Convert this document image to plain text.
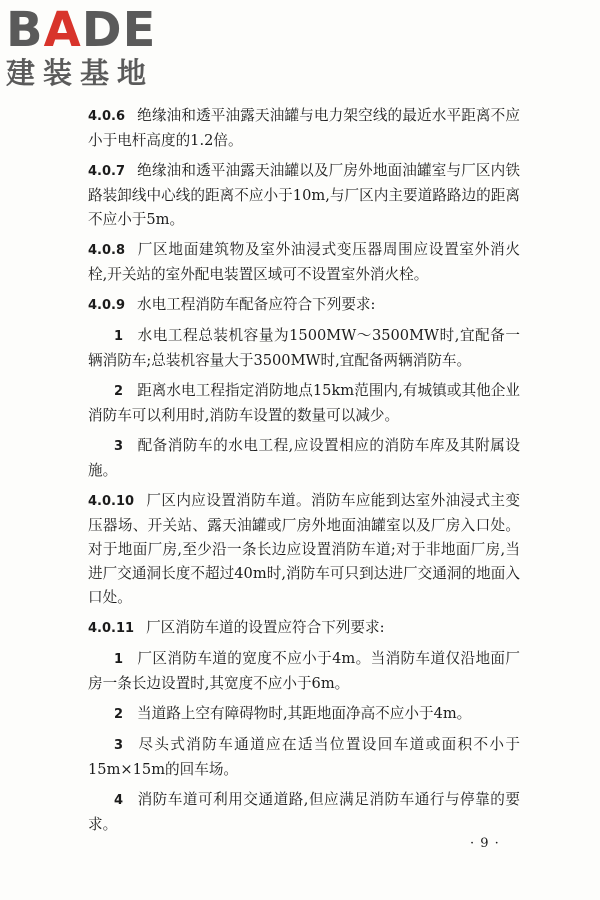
BADE
建装基地

4.0.6 绝缘油和透平油露天油罐与电力架空线的最近水平距离不应小于电杆高度的1.2倍。

4.0.7 绝缘油和透平油露天油罐以及厂房外地面油罐室与厂区内铁路装卸线中心线的距离不应小于10m,与厂区内主要道路路边的距离不应小于5m。

4.0.8 厂区地面建筑物及室外油浸式变压器周围应设置室外消火栓,开关站的室外配电装置区域可不设置室外消火栓。

4.0.9 水电工程消防车配备应符合下列要求:

1 水电工程总装机容量为1500MW～3500MW时,宜配备一辆消防车;总装机容量大于3500MW时,宜配备两辆消防车。

2 距离水电工程指定消防地点15km范围内,有城镇或其他企业消防车可以利用时,消防车设置的数量可以减少。

3 配备消防车的水电工程,应设置相应的消防车库及其附属设施。

4.0.10 厂区内应设置消防车道。消防车应能到达室外油浸式主变压器场、开关站、露天油罐或厂房外地面油罐室以及厂房入口处。对于地面厂房,至少沿一条长边应设置消防车道;对于非地面厂房,当进厂交通洞长度不超过40m时,消防车可只到达进厂交通洞的地面入口处。

4.0.11 厂区消防车道的设置应符合下列要求:

1 厂区消防车道的宽度不应小于4m。当消防车道仅沿地面厂房一条长边设置时,其宽度不应小于6m。

2 当道路上空有障碍物时,其距地面净高不应小于4m。

3 尽头式消防车通道应在适当位置设回车道或面积不小于15m×15m的回车场。

4 消防车道可利用交通道路,但应满足消防车通行与停靠的要求。

· 9 ·
